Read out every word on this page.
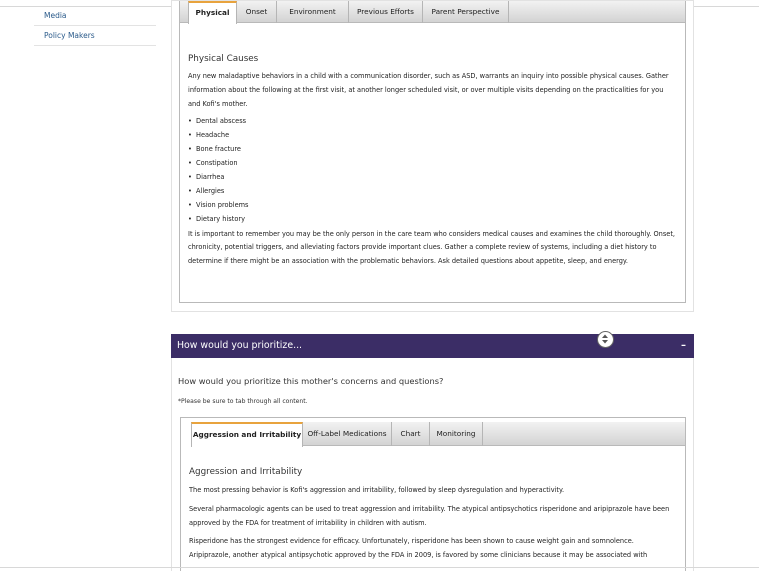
Media
Policy Makers
Physical	Onset	Environment	Previous Efforts	Parent Perspective
Physical Causes

Any new maladaptive behaviors in a child with a communication disorder, such as ASD, warrants an inquiry into possible physical causes. Gather information about the following at the first visit, at another longer scheduled visit, or over multiple visits depending on the practicalities for you and Kofi's mother.

• Dental abscess
• Headache
• Bone fracture
• Constipation
• Diarrhea
• Allergies
• Vision problems
• Dietary history

It is important to remember you may be the only person in the care team who considers medical causes and examines the child thoroughly. Onset, chronicity, potential triggers, and alleviating factors provide important clues. Gather a complete review of systems, including a diet history to determine if there might be an association with the problematic behaviors. Ask detailed questions about appetite, sleep, and energy.

How would you prioritize...	–
How would you prioritize this mother's concerns and questions?
*Please be sure to tab through all content.
Aggression and Irritability Off-Label Medications	Chart	Monitoring
Aggression and Irritability

The most pressing behavior is Kofi's aggression and irritability, followed by sleep dysregulation and hyperactivity.

Several pharmacologic agents can be used to treat aggression and irritability. The atypical antipsychotics risperidone and aripiprazole have been approved by the FDA for treatment of irritability in children with autism.

Risperidone has the strongest evidence for efficacy. Unfortunately, risperidone has been shown to cause weight gain and somnolence. Aripiprazole, another atypical antipsychotic approved by the FDA in 2009, is favored by some clinicians because it may be associated with
